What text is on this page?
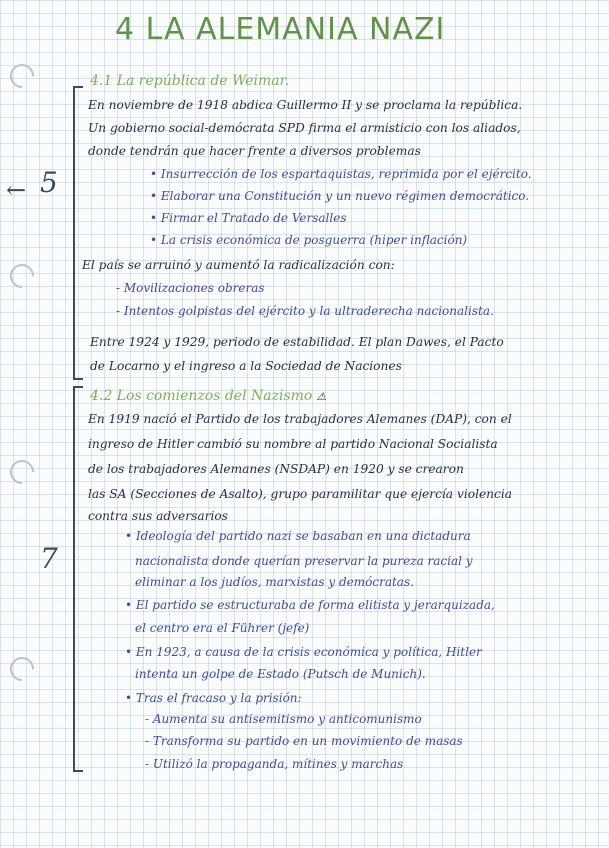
4 LA ALEMANIA NAZI
← 5
7
4.1 La república de Weimar.
En noviembre de 1918 abdica Guillermo II y se proclama la república.
Un gobierno social-demócrata SPD firma el armisticio con los aliados,
donde tendrán que hacer frente a diversos problemas
• Insurrección de los espartaquistas, reprimida por el ejército.
• Elaborar una Constitución y un nuevo régimen democrático.
• Firmar el Tratado de Versalles
• La crisis económica de posguerra (hiper inflación)
El país se arruinó y aumentó la radicalización con:
- Movilizaciones obreras
- Intentos golpistas del ejército y la ultraderecha nacionalista.
Entre 1924 y 1929, periodo de estabilidad. El plan Dawes, el Pacto
de Locarno y el ingreso a la Sociedad de Naciones
4.2 Los comienzos del Nazismo ⚠
En 1919 nació el Partido de los trabajadores Alemanes (DAP), con el
ingreso de Hitler cambió su nombre al partido Nacional Socialista
de los trabajadores Alemanes (NSDAP) en 1920 y se crearon
las SA (Secciones de Asalto), grupo paramilitar que ejercía violencia
contra sus adversarios
• Ideología del partido nazi se basaban en una dictadura
nacionalista donde querían preservar la pureza racial y
eliminar a los judíos, marxistas y demócratas.
• El partido se estructuraba de forma elitista y jerarquizada,
el centro era el Führer (jefe)
• En 1923, a causa de la crisis económica y política, Hitler
intenta un golpe de Estado (Putsch de Munich).
• Tras el fracaso y la prisión:
- Aumenta su antisemitismo y anticomunismo
- Transforma su partido en un movimiento de masas
- Utilizó la propaganda, mítines y marchas
